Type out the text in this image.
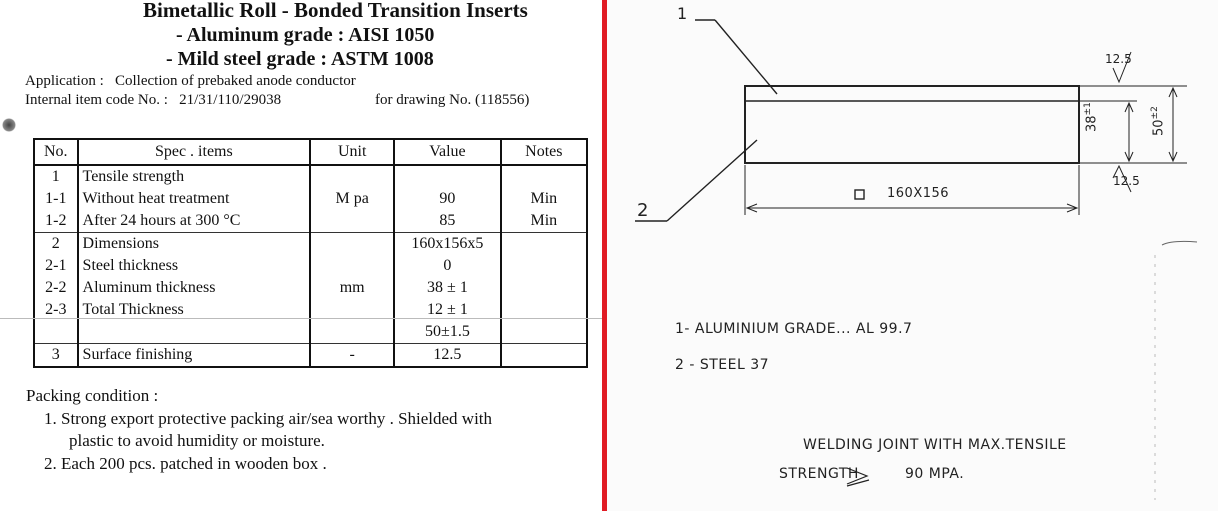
Bimetallic Roll - Bonded Transition Inserts
- Aluminum grade : AISI 1050
- Mild steel grade : ASTM 1008
Application : Collection of prebaked anode conductor
Internal item code No. : 21/31/110/29038	for drawing No. (118556)
No.	Spec . items	Unit	Value	Notes
1	Tensile strength	M pa		
1-1	Without heat treatment		90	Min
1-2	After 24 hours at 300 °C		85	Min
2	Dimensions	mm	160x156x5	
2-1	Steel thickness		0	
2-2	Aluminum thickness		38 ± 1	
2-3	Total Thickness		12 ± 1	
			50±1.5	
3	Surface finishing	-	12.5	
Packing condition :
1. Strong export protective packing air/sea worthy . Shielded with
plastic to avoid humidity or moisture.
2. Each 200 pcs. patched in wooden box .
1
2
12.5
12.5
$38^{\pm 1}$
$50^{\pm 2}$
160X156
1- ALUMINIUM GRADE... AL 99.7
2 - STEEL 37
WELDING JOINT WITH MAX.TENSILE
STRENGTH	90 MPA.
